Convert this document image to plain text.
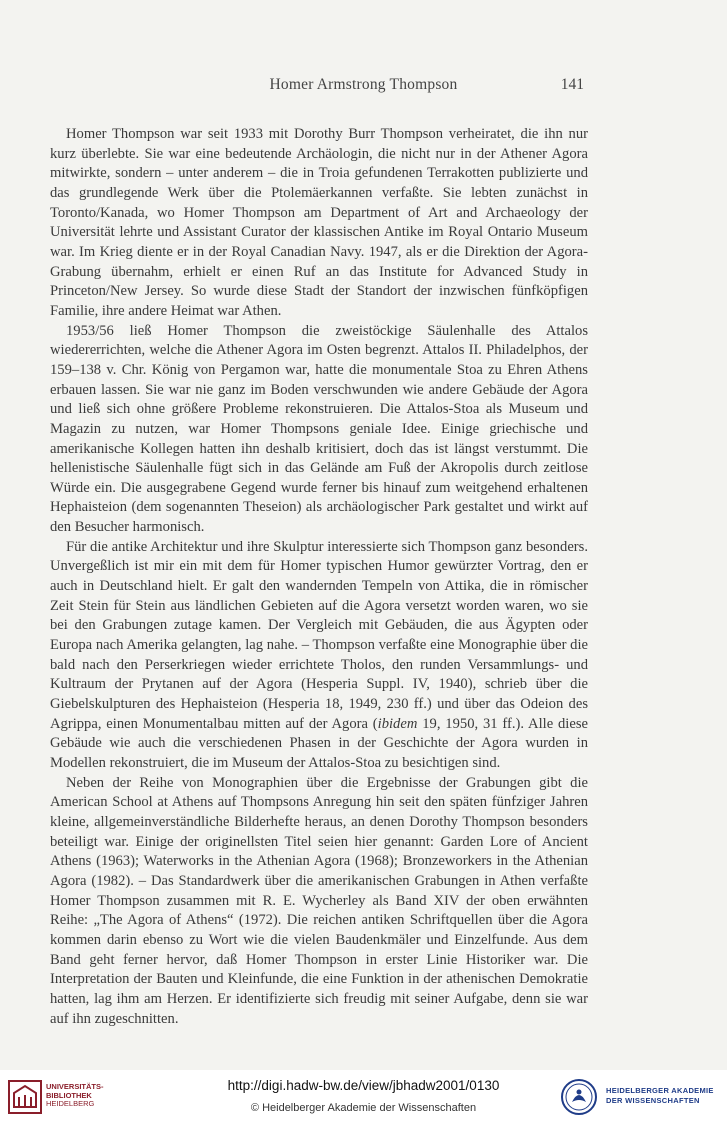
Homer Armstrong Thompson	141

Homer Thompson war seit 1933 mit Dorothy Burr Thompson verheiratet, die ihn nur kurz überlebte. Sie war eine bedeutende Archäologin, die nicht nur in der Athener Agora mitwirkte, sondern – unter anderem – die in Troia gefundenen Terrakotten publizierte und das grundlegende Werk über die Ptolemäerkannen verfaßte. Sie lebten zunächst in Toronto/Kanada, wo Homer Thompson am Department of Art and Archaeology der Universität lehrte und Assistant Curator der klassischen Antike im Royal Ontario Museum war. Im Krieg diente er in der Royal Canadian Navy. 1947, als er die Direktion der Agora-Grabung übernahm, erhielt er einen Ruf an das Institute for Advanced Study in Princeton/New Jersey. So wurde diese Stadt der Standort der inzwischen fünfköpfigen Familie, ihre andere Heimat war Athen.

1953/56 ließ Homer Thompson die zweistöckige Säulenhalle des Attalos wiedererrichten, welche die Athener Agora im Osten begrenzt. Attalos II. Philadelphos, der 159–138 v. Chr. König von Pergamon war, hatte die monumentale Stoa zu Ehren Athens erbauen lassen. Sie war nie ganz im Boden verschwunden wie andere Gebäude der Agora und ließ sich ohne größere Probleme rekonstruieren. Die Attalos-Stoa als Museum und Magazin zu nutzen, war Homer Thompsons geniale Idee. Einige griechische und amerikanische Kollegen hatten ihn deshalb kritisiert, doch das ist längst verstummt. Die hellenistische Säulenhalle fügt sich in das Gelände am Fuß der Akropolis durch zeitlose Würde ein. Die ausgegrabene Gegend wurde ferner bis hinauf zum weitgehend erhaltenen Hephaisteion (dem sogenannten Theseion) als archäologischer Park gestaltet und wirkt auf den Besucher harmonisch.

Für die antike Architektur und ihre Skulptur interessierte sich Thompson ganz besonders. Unvergeßlich ist mir ein mit dem für Homer typischen Humor gewürzter Vortrag, den er auch in Deutschland hielt. Er galt den wandernden Tempeln von Attika, die in römischer Zeit Stein für Stein aus ländlichen Gebieten auf die Agora versetzt worden waren, wo sie bei den Grabungen zutage kamen. Der Vergleich mit Gebäuden, die aus Ägypten oder Europa nach Amerika gelangten, lag nahe. – Thompson verfaßte eine Monographie über die bald nach den Perserkriegen wieder errichtete Tholos, den runden Versammlungs- und Kultraum der Prytanen auf der Agora (Hesperia Suppl. IV, 1940), schrieb über die Giebelskulpturen des Hephaisteion (Hesperia 18, 1949, 230 ff.) und über das Odeion des Agrippa, einen Monumentalbau mitten auf der Agora (ibidem 19, 1950, 31 ff.). Alle diese Gebäude wie auch die verschiedenen Phasen in der Geschichte der Agora wurden in Modellen rekonstruiert, die im Museum der Attalos-Stoa zu besichtigen sind.

Neben der Reihe von Monographien über die Ergebnisse der Grabungen gibt die American School at Athens auf Thompsons Anregung hin seit den späten fünfziger Jahren kleine, allgemeinverständliche Bilderhefte heraus, an denen Dorothy Thompson besonders beteiligt war. Einige der originellsten Titel seien hier genannt: Garden Lore of Ancient Athens (1963); Waterworks in the Athenian Agora (1968); Bronzeworkers in the Athenian Agora (1982). – Das Standardwerk über die amerikanischen Grabungen in Athen verfaßte Homer Thompson zusammen mit R. E. Wycherley als Band XIV der oben erwähnten Reihe: „The Agora of Athens“ (1972). Die reichen antiken Schriftquellen über die Agora kommen darin ebenso zu Wort wie die vielen Baudenkmäler und Einzelfunde. Aus dem Band geht ferner hervor, daß Homer Thompson in erster Linie Historiker war. Die Interpretation der Bauten und Kleinfunde, die eine Funktion in der athenischen Demokratie hatten, lag ihm am Herzen. Er identifizierte sich freudig mit seiner Aufgabe, denn sie war auf ihn zugeschnitten.

UNIVERSITÄTS-
BIBLIOTHEK
HEIDELBERG
http://digi.hadw-bw.de/view/jbhadw2001/0130
© Heidelberger Akademie der Wissenschaften
HEIDELBERGER AKADEMIE
DER WISSENSCHAFTEN
